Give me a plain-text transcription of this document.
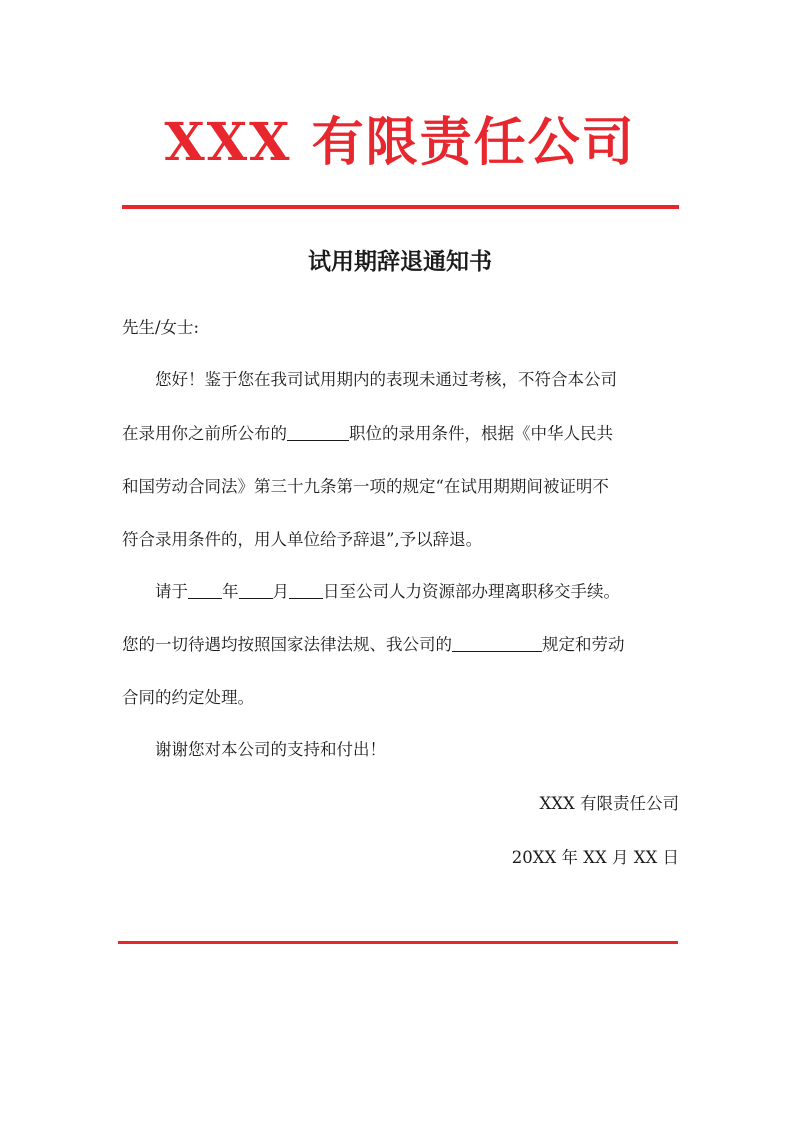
XXX 有限责任公司
试用期辞退通知书
先生/女士:
您好！鉴于您在我司试用期内的表现未通过考核，不符合本公司
在录用你之前所公布的	职位的录用条件，根据《中华人民共
和国劳动合同法》第三十九条第一项的规定“在试用期期间被证明不
符合录用条件的，用人单位给予辞退”,予以辞退。
请于 年 月 日至公司人力资源部办理离职移交手续。
您的一切待遇均按照国家法律法规、我公司的	规定和劳动
合同的约定处理。
谢谢您对本公司的支持和付出！
XXX 有限责任公司
20XX 年 XX 月 XX 日
